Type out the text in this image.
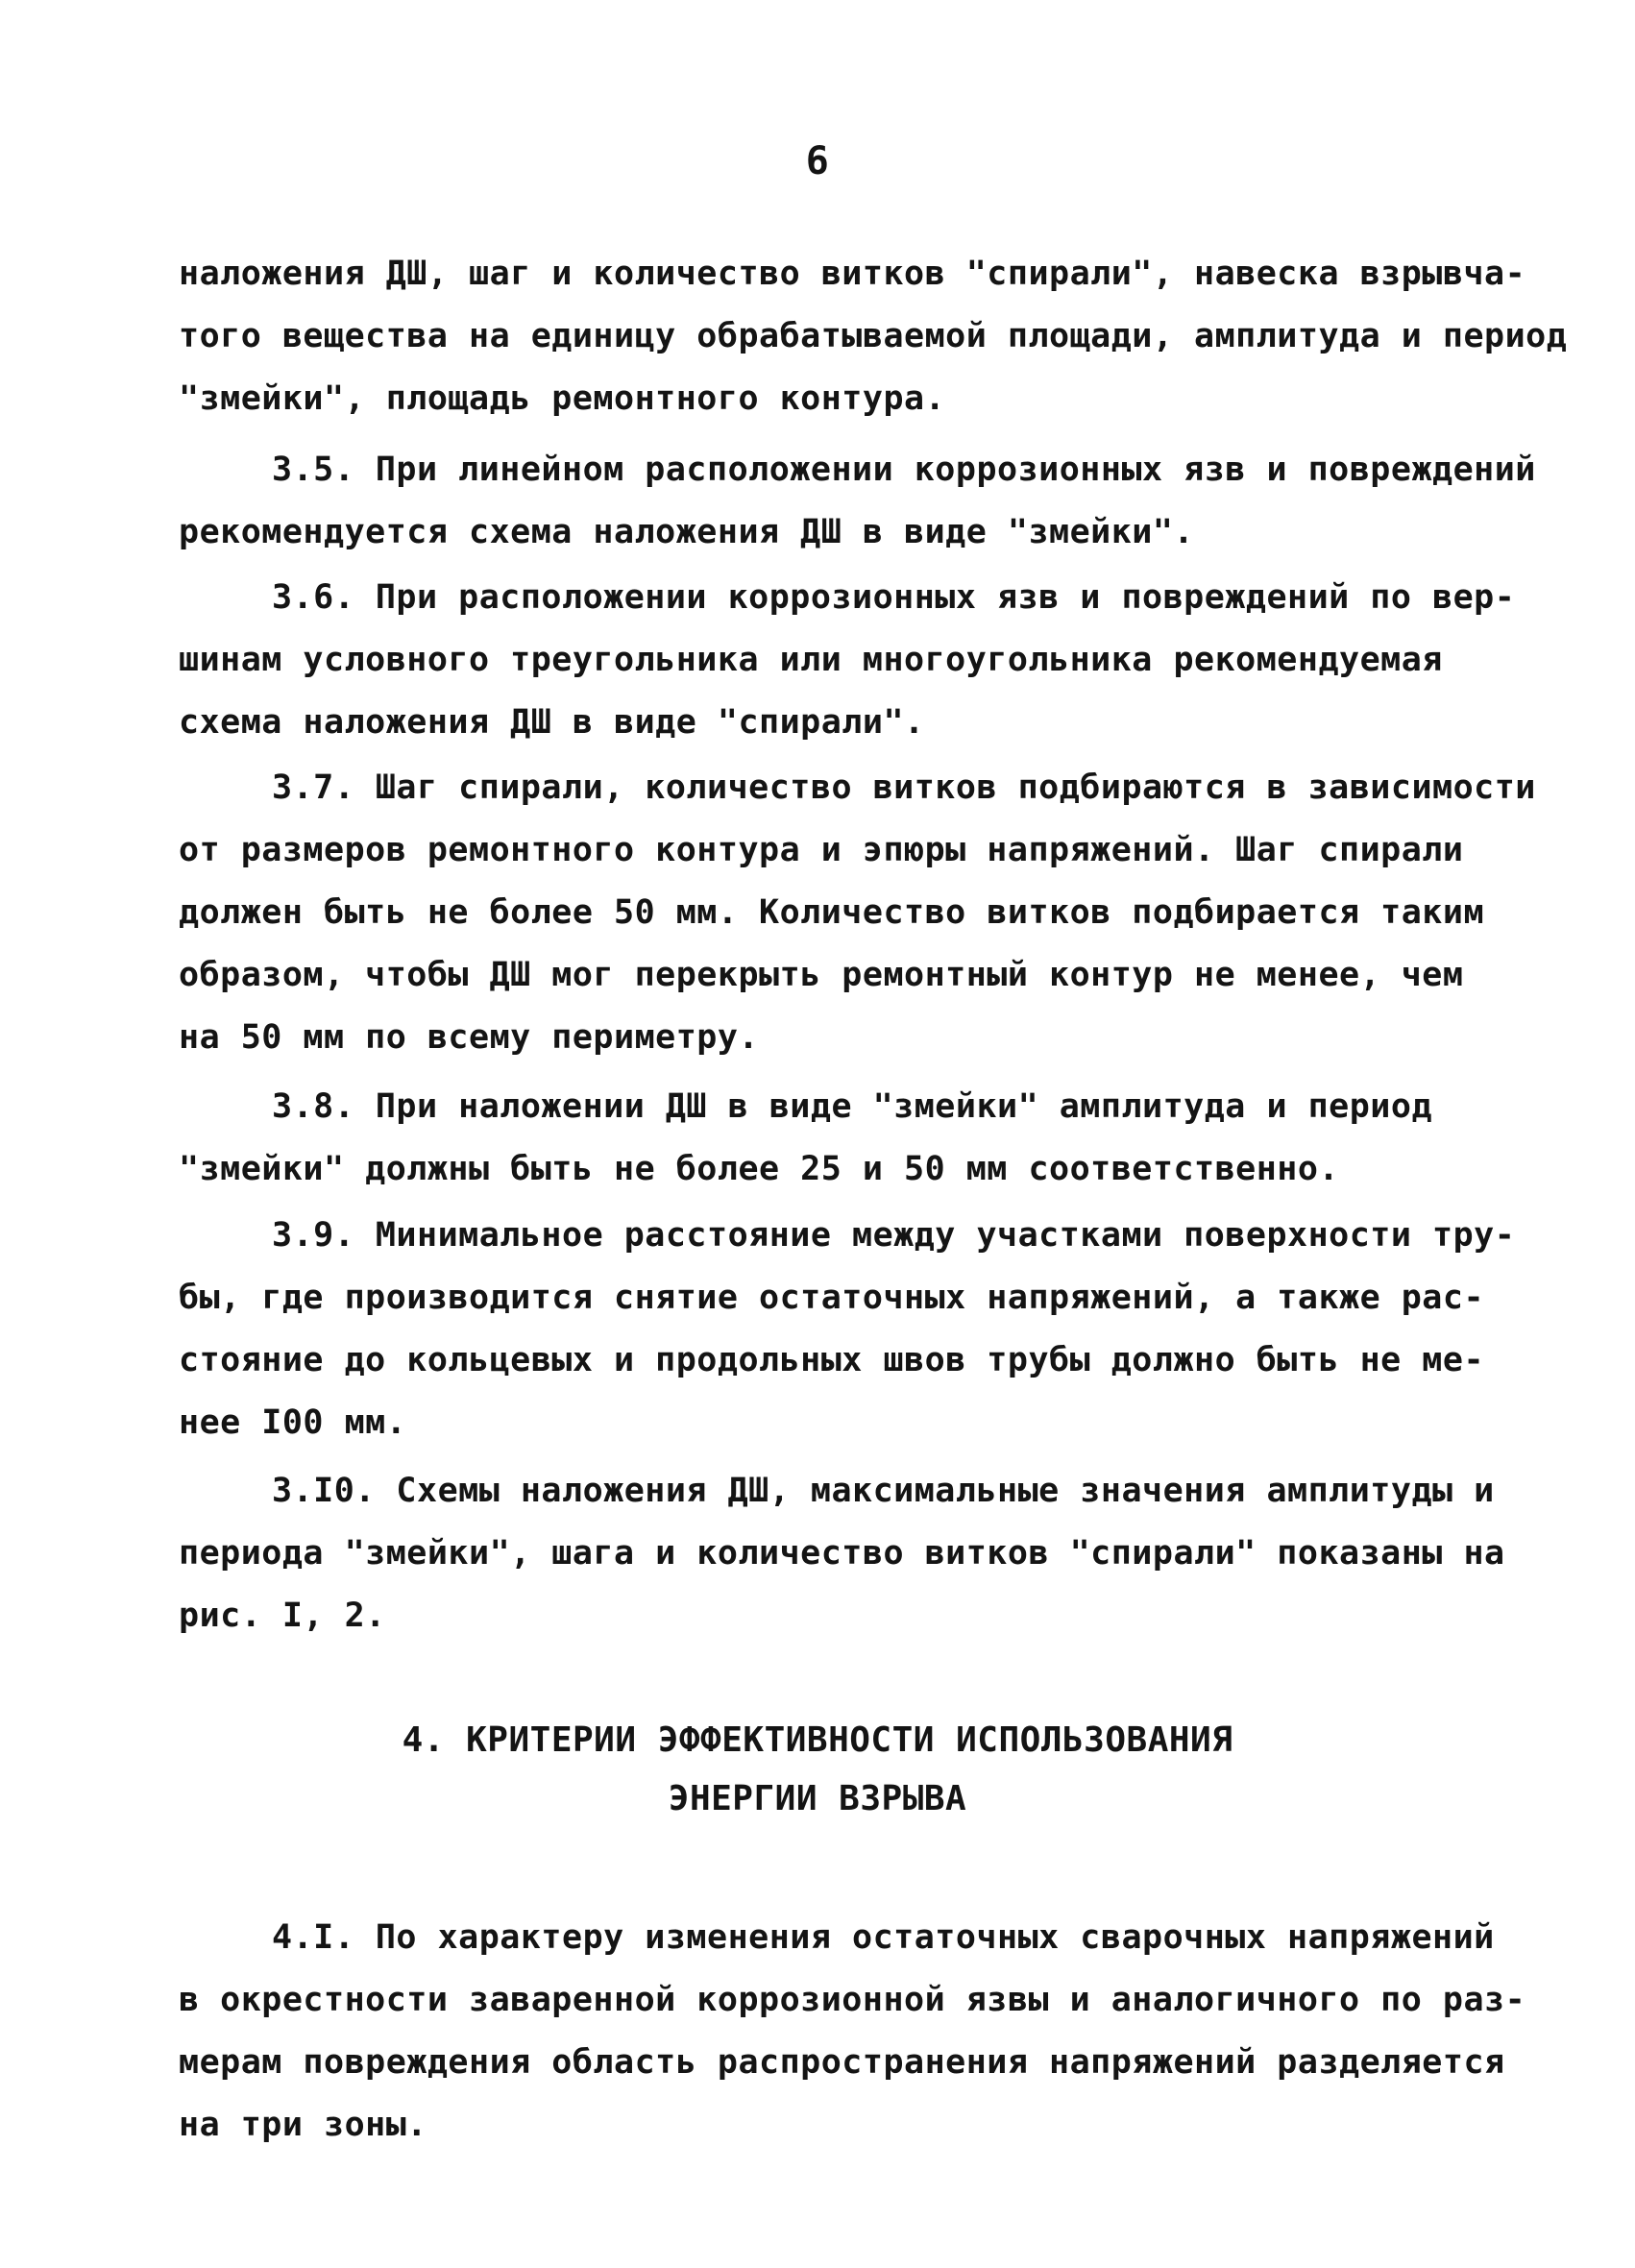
6
наложения ДШ, шаг и количество витков "спирали", навеска взрывча-
того вещества на единицу обрабатываемой площади, амплитуда и период
"змейки", площадь ремонтного контура.
3.5. При линейном расположении коррозионных язв и повреждений
рекомендуется схема наложения ДШ в виде "змейки".
3.6. При расположении коррозионных язв и повреждений по вер-
шинам условного треугольника или многоугольника рекомендуемая
схема наложения ДШ в виде "спирали".
3.7. Шаг спирали, количество витков подбираются в зависимости
от размеров ремонтного контура и эпюры напряжений. Шаг спирали
должен быть не более 50 мм. Количество витков подбирается таким
образом, чтобы ДШ мог перекрыть ремонтный контур не менее, чем
на 50 мм по всему периметру.
3.8. При наложении ДШ в виде "змейки" амплитуда и период
"змейки" должны быть не более 25 и 50 мм соответственно.
3.9. Минимальное расстояние между участками поверхности тру-
бы, где производится снятие остаточных напряжений, а также рас-
стояние до кольцевых и продольных швов трубы должно быть не ме-
нее I00 мм.
3.I0. Схемы наложения ДШ, максимальные значения амплитуды и
периода "змейки", шага и количество витков "спирали" показаны на
рис. I, 2.
4. КРИТЕРИИ ЭФФЕКТИВНОСТИ ИСПОЛЬЗОВАНИЯ
ЭНЕРГИИ ВЗРЫВА
4.I. По характеру изменения остаточных сварочных напряжений
в окрестности заваренной коррозионной язвы и аналогичного по раз-
мерам повреждения область распространения напряжений разделяется
на три зоны.
